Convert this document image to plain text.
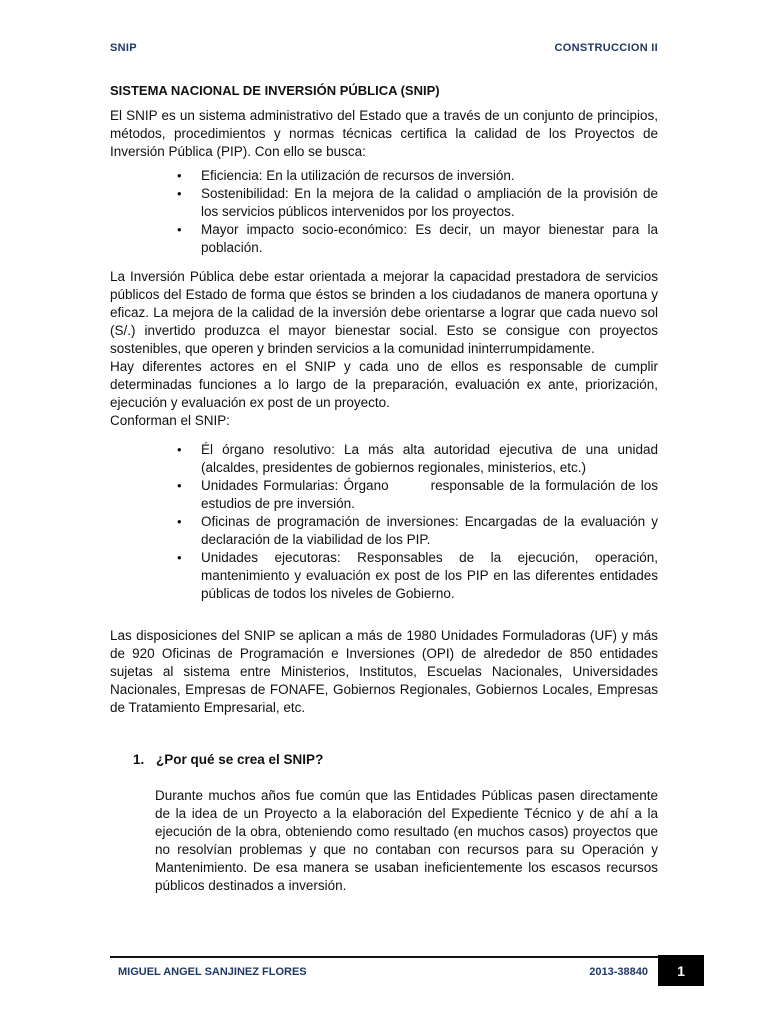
SNIP	CONSTRUCCION II
SISTEMA NACIONAL DE INVERSIÓN PÚBLICA (SNIP)

El SNIP es un sistema administrativo del Estado que a través de un conjunto de principios, métodos, procedimientos y normas técnicas certifica la calidad de los Proyectos de Inversión Pública (PIP). Con ello se busca:

• Eficiencia: En la utilización de recursos de inversión.
• Sostenibilidad: En la mejora de la calidad o ampliación de la provisión de los servicios públicos intervenidos por los proyectos.
• Mayor impacto socio-económico: Es decir, un mayor bienestar para la población.

La Inversión Pública debe estar orientada a mejorar la capacidad prestadora de servicios públicos del Estado de forma que éstos se brinden a los ciudadanos de manera oportuna y eficaz. La mejora de la calidad de la inversión debe orientarse a lograr que cada nuevo sol (S/.) invertido produzca el mayor bienestar social. Esto se consigue con proyectos sostenibles, que operen y brinden servicios a la comunidad ininterrumpidamente.

Hay diferentes actores en el SNIP y cada uno de ellos es responsable de cumplir determinadas funciones a lo largo de la preparación, evaluación ex ante, priorización, ejecución y evaluación ex post de un proyecto.

Conforman el SNIP:

• Él órgano resolutivo: La más alta autoridad ejecutiva de una unidad (alcaldes, presidentes de gobiernos regionales, ministerios, etc.)
• Unidades Formularias: Órgano        responsable de la formulación de los estudios de pre inversión.
• Oficinas de programación de inversiones: Encargadas de la evaluación y declaración de la viabilidad de los PIP.
• Unidades ejecutoras: Responsables de la ejecución, operación, mantenimiento y evaluación ex post de los PIP en las diferentes entidades públicas de todos los niveles de Gobierno.

Las disposiciones del SNIP se aplican a más de 1980 Unidades Formuladoras (UF) y más de 920 Oficinas de Programación e Inversiones (OPI) de alrededor de 850 entidades sujetas al sistema entre Ministerios, Institutos, Escuelas Nacionales, Universidades Nacionales, Empresas de FONAFE, Gobiernos Regionales, Gobiernos Locales, Empresas de Tratamiento Empresarial, etc.

1. ¿Por qué se crea el SNIP?

Durante muchos años fue común que las Entidades Públicas pasen directamente de la idea de un Proyecto a la elaboración del Expediente Técnico y de ahí a la ejecución de la obra, obteniendo como resultado (en muchos casos) proyectos que no resolvían problemas y que no contaban con recursos para su Operación y Mantenimiento. De esa manera se usaban ineficientemente los escasos recursos públicos destinados a inversión.

MIGUEL ANGEL SANJINEZ FLORES	2013-38840	1
